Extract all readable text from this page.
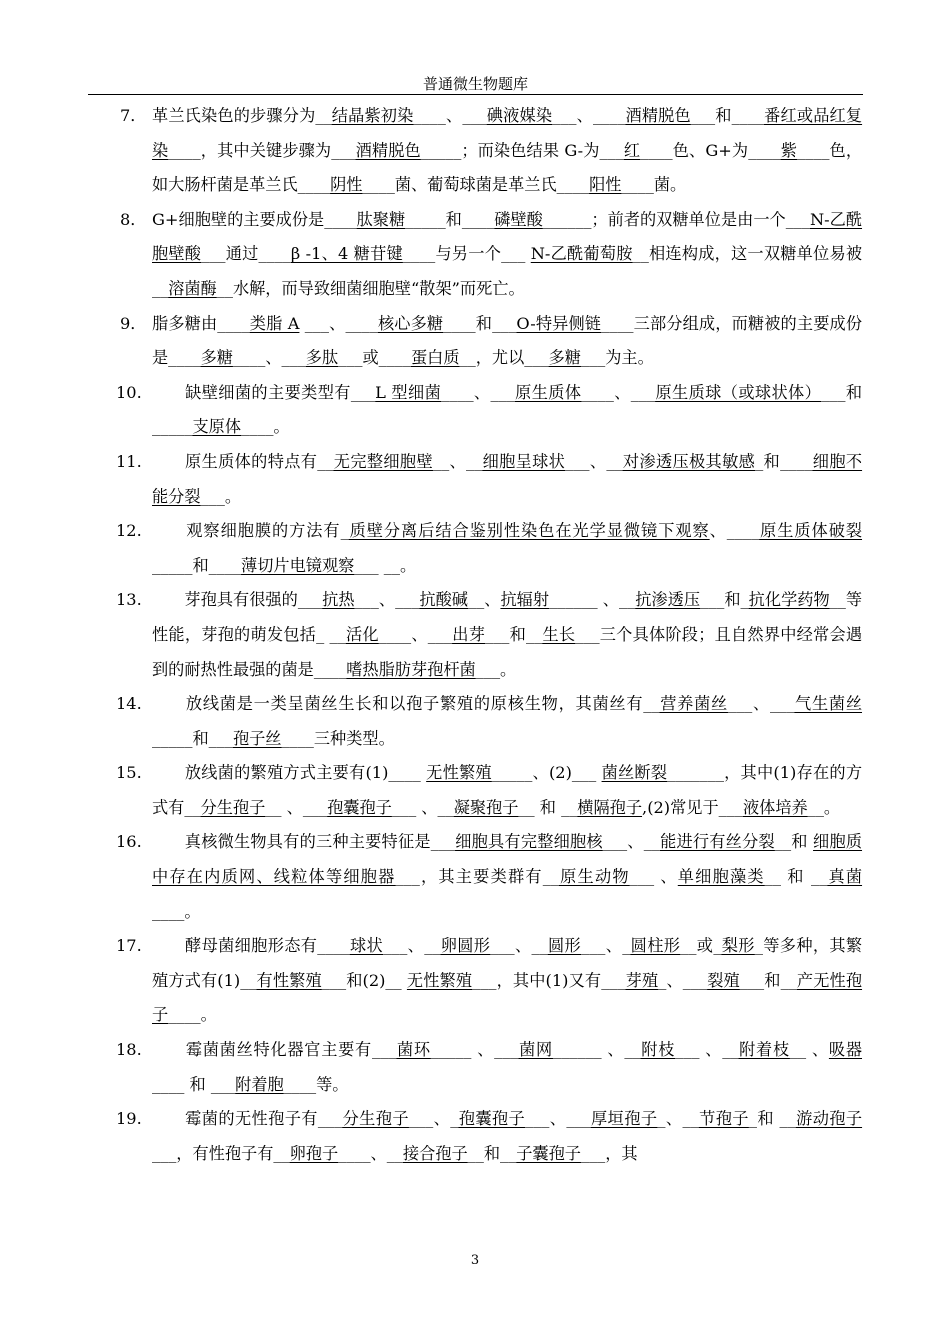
普通微生物题库
7． 革兰氏染色的步骤分为__结晶紫初染____、___碘液媒染___、____酒精脱色___和____番红或品红复染____，其中关键步骤为___酒精脱色_____；而染色结果 G-为___红____色、G+为____紫____色，如大肠杆菌是革兰氏____阴性____菌、葡萄球菌是革兰氏____阳性____菌。
8． G+细胞壁的主要成份是____肽聚糖_____和____磷壁酸______；前者的双糖单位是由一个___N-乙酰胞壁酸___通过____β -1、4 糖苷键____与另一个___ N-乙酰葡萄胺__相连构成，这一双糖单位易被__溶菌酶__水解，而导致细菌细胞壁“散架”而死亡。
9． 脂多糖由____类脂 A ___、____核心多糖____和___O-特异侧链____三部分组成，而糖被的主要成份是____多糖____、___多肽___或____蛋白质__，尤以___多糖___为主。
10. 　　缺壁细菌的主要类型有___L 型细菌____、___原生质体____、___原生质球（或球状体）___和_____支原体____。
11. 　　原生质体的特点有__无完整细胞壁__、__细胞呈球状___、__对渗透压极其敏感_和____细胞不能分裂___。
12. 　　观察细胞膜的方法有_质壁分离后结合鉴别性染色在光学显微镜下观察、____原生质体破裂_____和____薄切片电镜观察___ __。
13. 　　芽孢具有很强的___抗热___、___抗酸碱__、抗辐射______ 、__抗渗透压___和_抗化学药物__等性能，芽孢的萌发包括_ __活化____、___出芽___和__生长___三个具体阶段；且自然界中经常会遇到的耐热性最强的菌是____嗜热脂肪芽孢杆菌___。
14. 　　放线菌是一类呈菌丝生长和以孢子繁殖的原核生物，其菌丝有__营养菌丝___、___气生菌丝_____和___孢子丝____三种类型。
15. 　　放线菌的繁殖方式主要有(1)____ 无性繁殖_____、(2)___ 菌丝断裂_______，其中(1)存在的方式有__分生孢子__ 、___孢囊孢子___ 、__凝聚孢子__ 和 __横隔孢子,(2)常见于___液体培养__。
16. 　　真核微生物具有的三种主要特征是___细胞具有完整细胞核___、__能进行有丝分裂__和 细胞质中存在内质网、线粒体等细胞器___，其主要类群有__原生动物___ 、单细胞藻类__ 和 __真菌____。
17. 　　酵母菌细胞形态有____球状___、__卵圆形___、__圆形___、_圆柱形__或_梨形_等多种，其繁殖方式有(1)__有性繁殖___和(2)__ 无性繁殖___，其中(1)又有___芽殖_、___裂殖___和__产无性孢子____。
18. 　　霉菌菌丝特化器官主要有___菌环_____ 、___菌网______ 、__附枝___ 、__附着枝__ 、吸器____ 和 ___附着胞____等。
19. 　　霉菌的无性孢子有___分生孢子___、_孢囊孢子___、___厚垣孢子_、__节孢子_和 __游动孢子___，有性孢子有__卵孢子____、__接合孢子__和__子囊孢子___，其
3
